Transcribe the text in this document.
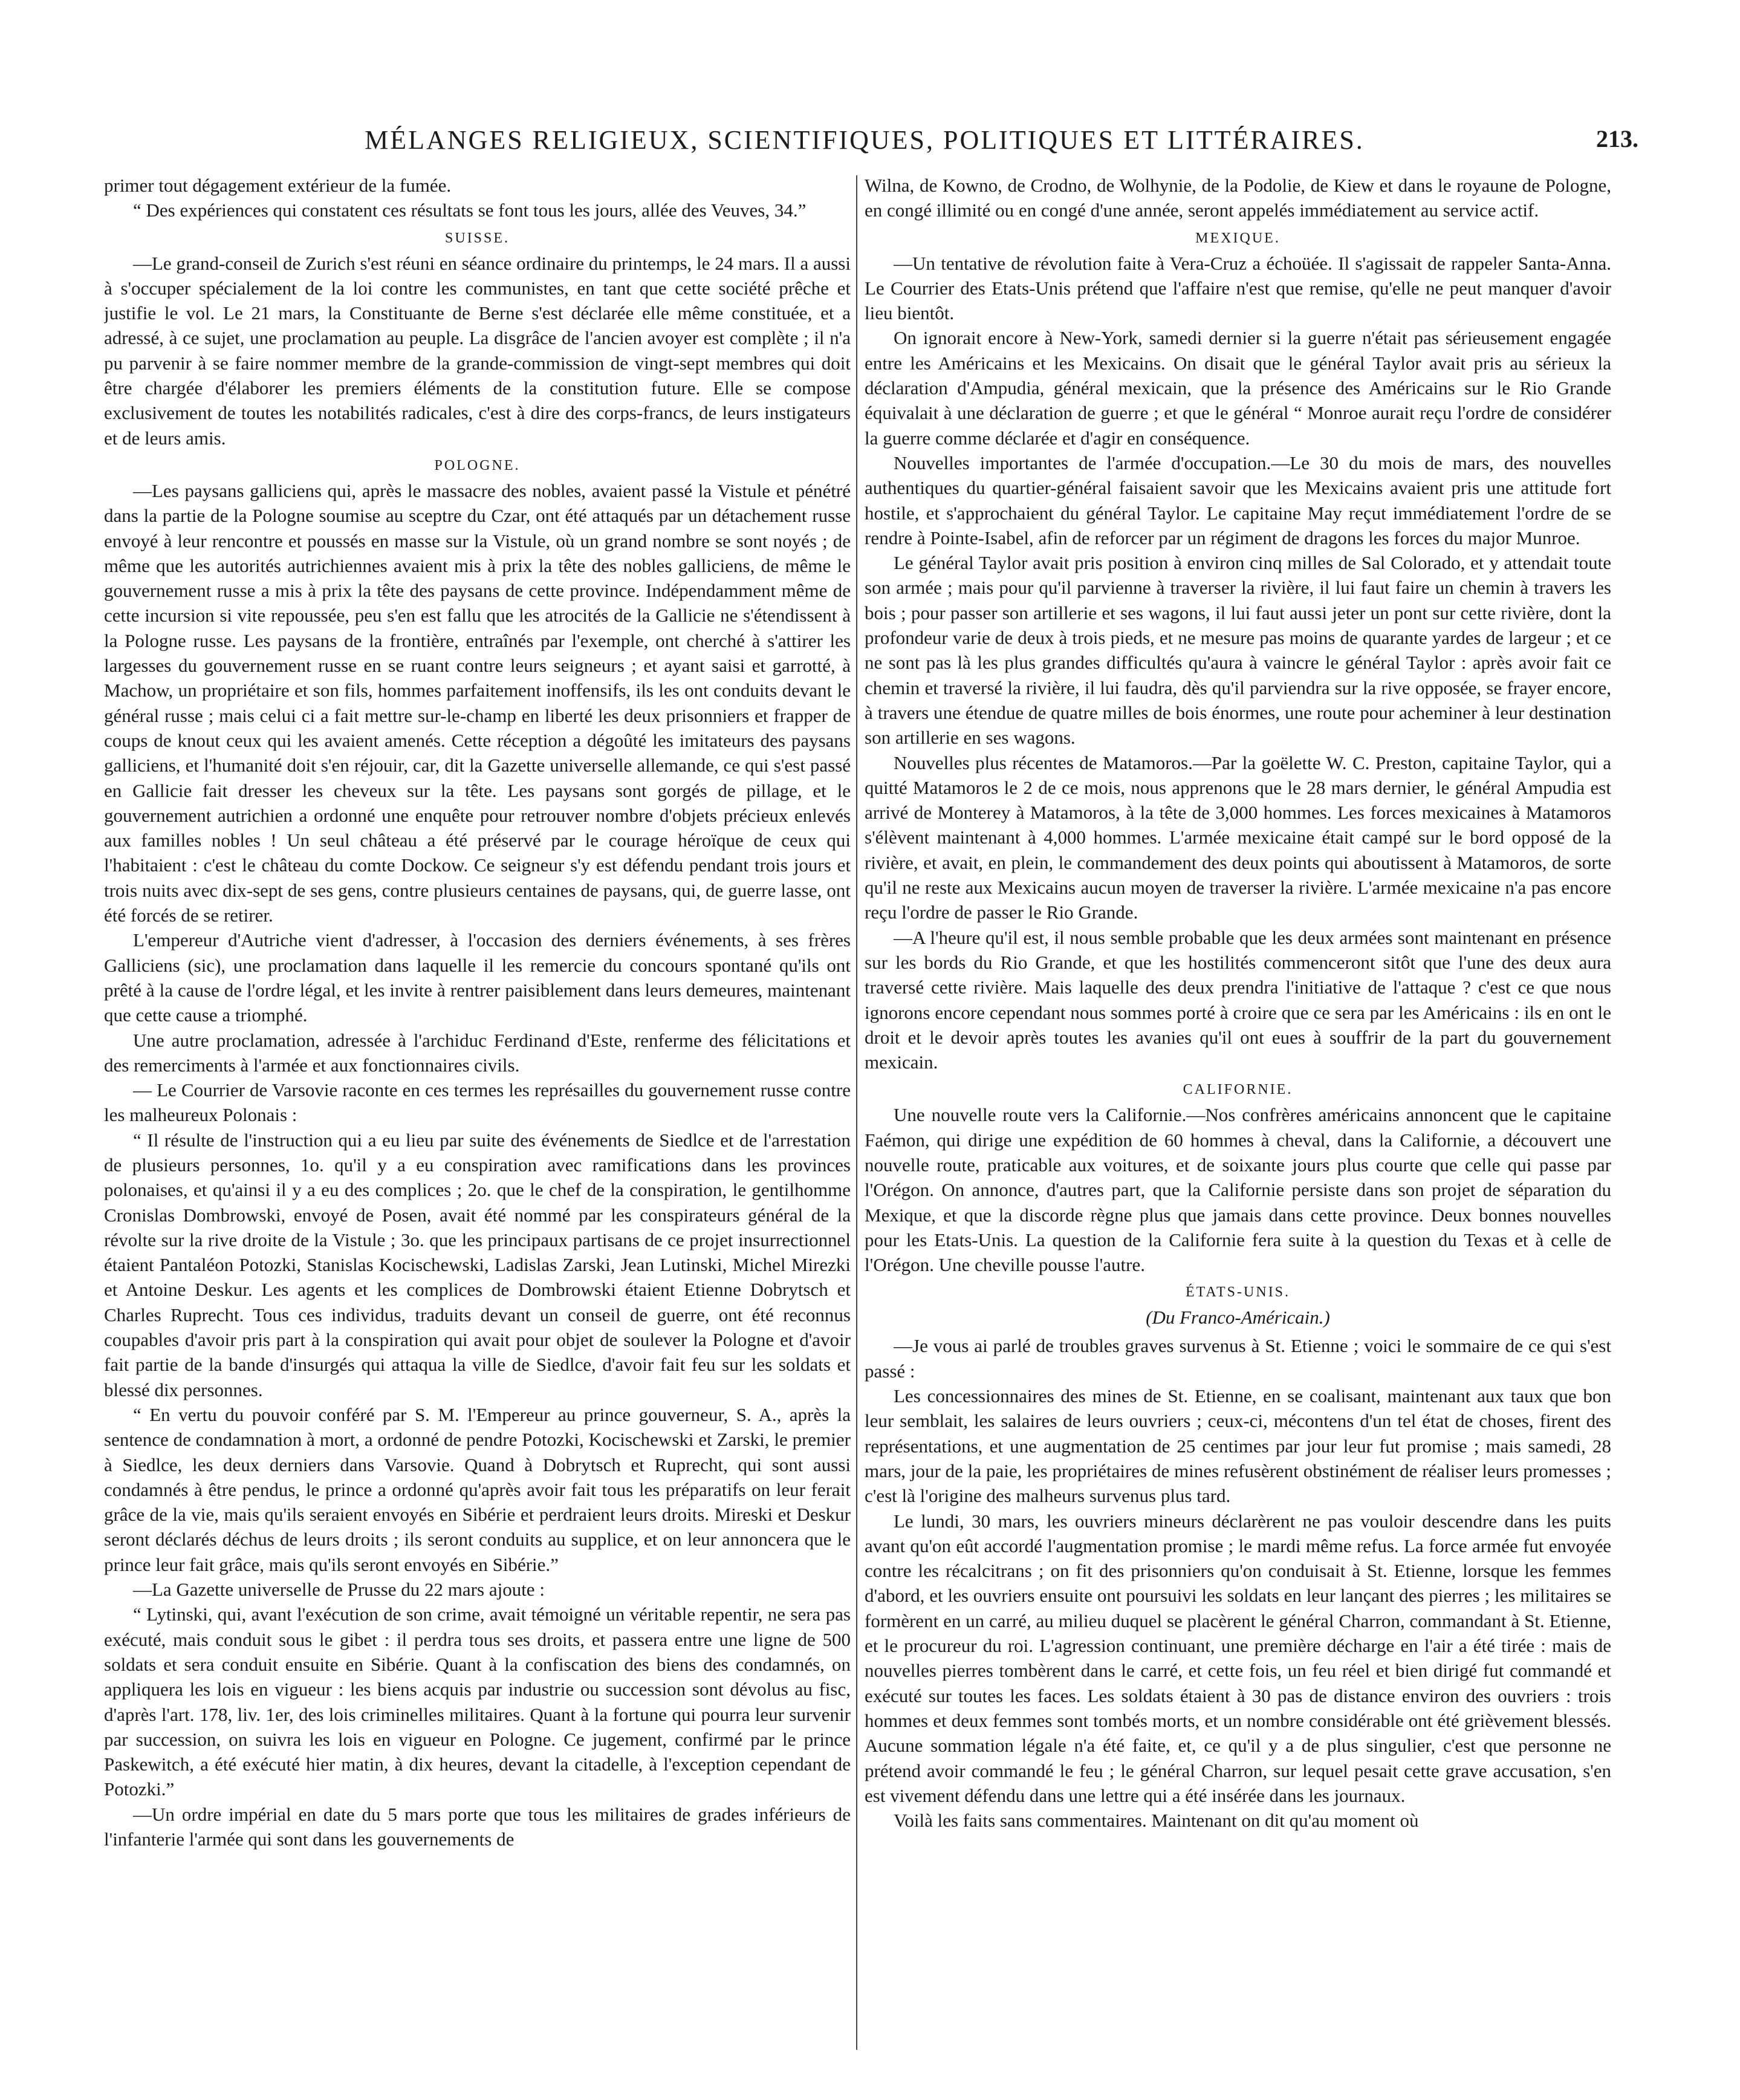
MÉLANGES RELIGIEUX, SCIENTIFIQUES, POLITIQUES ET LITTÉRAIRES.	213.

primer tout dégagement extérieur de la fumée.

“ Des expériences qui constatent ces résultats se font tous les jours, allée des Veuves, 34.”

SUISSE.

—Le grand-conseil de Zurich s'est réuni en séance ordinaire du printemps, le 24 mars. Il a aussi à s'occuper spécialement de la loi contre les communistes, en tant que cette société prêche et justifie le vol. Le 21 mars, la Constituante de Berne s'est déclarée elle même constituée, et a adressé, à ce sujet, une proclamation au peuple. La disgrâce de l'ancien avoyer est complète ; il n'a pu parvenir à se faire nommer membre de la grande-commission de vingt-sept membres qui doit être chargée d'élaborer les premiers éléments de la constitution future. Elle se compose exclusivement de toutes les notabilités radicales, c'est à dire des corps-francs, de leurs instigateurs et de leurs amis.

POLOGNE.

—Les paysans galliciens qui, après le massacre des nobles, avaient passé la Vistule et pénétré dans la partie de la Pologne soumise au sceptre du Czar, ont été attaqués par un détachement russe envoyé à leur rencontre et poussés en masse sur la Vistule, où un grand nombre se sont noyés ; de même que les autorités autrichiennes avaient mis à prix la tête des nobles galliciens, de même le gouvernement russe a mis à prix la tête des paysans de cette province. Indépendamment même de cette incursion si vite repoussée, peu s'en est fallu que les atrocités de la Gallicie ne s'étendissent à la Pologne russe. Les paysans de la frontière, entraînés par l'exemple, ont cherché à s'attirer les largesses du gouvernement russe en se ruant contre leurs seigneurs ; et ayant saisi et garrotté, à Machow, un propriétaire et son fils, hommes parfaitement inoffensifs, ils les ont conduits devant le général russe ; mais celui ci a fait mettre sur-le-champ en liberté les deux prisonniers et frapper de coups de knout ceux qui les avaient amenés. Cette réception a dégoûté les imitateurs des paysans galliciens, et l'humanité doit s'en réjouir, car, dit la Gazette universelle allemande, ce qui s'est passé en Gallicie fait dresser les cheveux sur la tête. Les paysans sont gorgés de pillage, et le gouvernement autrichien a ordonné une enquête pour retrouver nombre d'objets précieux enlevés aux familles nobles ! Un seul château a été préservé par le courage héroïque de ceux qui l'habitaient : c'est le château du comte Dockow. Ce seigneur s'y est défendu pendant trois jours et trois nuits avec dix-sept de ses gens, contre plusieurs centaines de paysans, qui, de guerre lasse, ont été forcés de se retirer.

L'empereur d'Autriche vient d'adresser, à l'occasion des derniers événements, à ses frères Galliciens (sic), une proclamation dans laquelle il les remercie du concours spontané qu'ils ont prêté à la cause de l'ordre légal, et les invite à rentrer paisiblement dans leurs demeures, maintenant que cette cause a triomphé.

Une autre proclamation, adressée à l'archiduc Ferdinand d'Este, renferme des félicitations et des remerciments à l'armée et aux fonctionnaires civils.

— Le Courrier de Varsovie raconte en ces termes les représailles du gouvernement russe contre les malheureux Polonais :

“ Il résulte de l'instruction qui a eu lieu par suite des événements de Siedlce et de l'arrestation de plusieurs personnes, 1o. qu'il y a eu conspiration avec ramifications dans les provinces polonaises, et qu'ainsi il y a eu des complices ; 2o. que le chef de la conspiration, le gentilhomme Cronislas Dombrowski, envoyé de Posen, avait été nommé par les conspirateurs général de la révolte sur la rive droite de la Vistule ; 3o. que les principaux partisans de ce projet insurrectionnel étaient Pantaléon Potozki, Stanislas Kocischewski, Ladislas Zarski, Jean Lutinski, Michel Mirezki et Antoine Deskur. Les agents et les complices de Dombrowski étaient Etienne Dobrytsch et Charles Ruprecht. Tous ces individus, traduits devant un conseil de guerre, ont été reconnus coupables d'avoir pris part à la conspiration qui avait pour objet de soulever la Pologne et d'avoir fait partie de la bande d'insurgés qui attaqua la ville de Siedlce, d'avoir fait feu sur les soldats et blessé dix personnes.

“ En vertu du pouvoir conféré par S. M. l'Empereur au prince gouverneur, S. A., après la sentence de condamnation à mort, a ordonné de pendre Potozki, Kocischewski et Zarski, le premier à Siedlce, les deux derniers dans Varsovie. Quand à Dobrytsch et Ruprecht, qui sont aussi condamnés à être pendus, le prince a ordonné qu'après avoir fait tous les préparatifs on leur ferait grâce de la vie, mais qu'ils seraient envoyés en Sibérie et perdraient leurs droits. Mireski et Deskur seront déclarés déchus de leurs droits ; ils seront conduits au supplice, et on leur annoncera que le prince leur fait grâce, mais qu'ils seront envoyés en Sibérie.”

—La Gazette universelle de Prusse du 22 mars ajoute :

“ Lytinski, qui, avant l'exécution de son crime, avait témoigné un véritable repentir, ne sera pas exécuté, mais conduit sous le gibet : il perdra tous ses droits, et passera entre une ligne de 500 soldats et sera conduit ensuite en Sibérie. Quant à la confiscation des biens des condamnés, on appliquera les lois en vigueur : les biens acquis par industrie ou succession sont dévolus au fisc, d'après l'art. 178, liv. 1er, des lois criminelles militaires. Quant à la fortune qui pourra leur survenir par succession, on suivra les lois en vigueur en Pologne. Ce jugement, confirmé par le prince Paskewitch, a été exécuté hier matin, à dix heures, devant la citadelle, à l'exception cependant de Potozki.”

—Un ordre impérial en date du 5 mars porte que tous les militaires de grades inférieurs de l'infanterie l'armée qui sont dans les gouvernements de

Wilna, de Kowno, de Crodno, de Wolhynie, de la Podolie, de Kiew et dans le royaune de Pologne, en congé illimité ou en congé d'une année, seront appelés immédiatement au service actif.

MEXIQUE.

—Un tentative de révolution faite à Vera-Cruz a échoüée. Il s'agissait de rappeler Santa-Anna. Le Courrier des Etats-Unis prétend que l'affaire n'est que remise, qu'elle ne peut manquer d'avoir lieu bientôt.

On ignorait encore à New-York, samedi dernier si la guerre n'était pas sérieusement engagée entre les Américains et les Mexicains. On disait que le général Taylor avait pris au sérieux la déclaration d'Ampudia, général mexicain, que la présence des Américains sur le Rio Grande équivalait à une déclaration de guerre ; et que le général “ Monroe aurait reçu l'ordre de considérer la guerre comme déclarée et d'agir en conséquence.

Nouvelles importantes de l'armée d'occupation.—Le 30 du mois de mars, des nouvelles authentiques du quartier-général faisaient savoir que les Mexicains avaient pris une attitude fort hostile, et s'approchaient du général Taylor. Le capitaine May reçut immédiatement l'ordre de se rendre à Pointe-Isabel, afin de reforcer par un régiment de dragons les forces du major Munroe.

Le général Taylor avait pris position à environ cinq milles de Sal Colorado, et y attendait toute son armée ; mais pour qu'il parvienne à traverser la rivière, il lui faut faire un chemin à travers les bois ; pour passer son artillerie et ses wagons, il lui faut aussi jeter un pont sur cette rivière, dont la profondeur varie de deux à trois pieds, et ne mesure pas moins de quarante yardes de largeur ; et ce ne sont pas là les plus grandes difficultés qu'aura à vaincre le général Taylor : après avoir fait ce chemin et traversé la rivière, il lui faudra, dès qu'il parviendra sur la rive opposée, se frayer encore, à travers une étendue de quatre milles de bois énormes, une route pour acheminer à leur destination son artillerie en ses wagons.

Nouvelles plus récentes de Matamoros.—Par la goëlette W. C. Preston, capitaine Taylor, qui a quitté Matamoros le 2 de ce mois, nous apprenons que le 28 mars dernier, le général Ampudia est arrivé de Monterey à Matamoros, à la tête de 3,000 hommes. Les forces mexicaines à Matamoros s'élèvent maintenant à 4,000 hommes. L'armée mexicaine était campé sur le bord opposé de la rivière, et avait, en plein, le commandement des deux points qui aboutissent à Matamoros, de sorte qu'il ne reste aux Mexicains aucun moyen de traverser la rivière. L'armée mexicaine n'a pas encore reçu l'ordre de passer le Rio Grande.

—A l'heure qu'il est, il nous semble probable que les deux armées sont maintenant en présence sur les bords du Rio Grande, et que les hostilités commenceront sitôt que l'une des deux aura traversé cette rivière. Mais laquelle des deux prendra l'initiative de l'attaque ? c'est ce que nous ignorons encore cependant nous sommes porté à croire que ce sera par les Américains : ils en ont le droit et le devoir après toutes les avanies qu'il ont eues à souffrir de la part du gouvernement mexicain.

CALIFORNIE.

Une nouvelle route vers la Californie.—Nos confrères américains annoncent que le capitaine Faémon, qui dirige une expédition de 60 hommes à cheval, dans la Californie, a découvert une nouvelle route, praticable aux voitures, et de soixante jours plus courte que celle qui passe par l'Orégon. On annonce, d'autres part, que la Californie persiste dans son projet de séparation du Mexique, et que la discorde règne plus que jamais dans cette province. Deux bonnes nouvelles pour les Etats-Unis. La question de la Californie fera suite à la question du Texas et à celle de l'Orégon. Une cheville pousse l'autre.

ÉTATS-UNIS.
(Du Franco-Américain.)

—Je vous ai parlé de troubles graves survenus à St. Etienne ; voici le sommaire de ce qui s'est passé :

Les concessionnaires des mines de St. Etienne, en se coalisant, maintenant aux taux que bon leur semblait, les salaires de leurs ouvriers ; ceux-ci, mécontens d'un tel état de choses, firent des représentations, et une augmentation de 25 centimes par jour leur fut promise ; mais samedi, 28 mars, jour de la paie, les propriétaires de mines refusèrent obstinément de réaliser leurs promesses ; c'est là l'origine des malheurs survenus plus tard.

Le lundi, 30 mars, les ouvriers mineurs déclarèrent ne pas vouloir descendre dans les puits avant qu'on eût accordé l'augmentation promise ; le mardi même refus. La force armée fut envoyée contre les récalcitrans ; on fit des prisonniers qu'on conduisait à St. Etienne, lorsque les femmes d'abord, et les ouvriers ensuite ont poursuivi les soldats en leur lançant des pierres ; les militaires se formèrent en un carré, au milieu duquel se placèrent le général Charron, commandant à St. Etienne, et le procureur du roi. L'agression continuant, une première décharge en l'air a été tirée : mais de nouvelles pierres tombèrent dans le carré, et cette fois, un feu réel et bien dirigé fut commandé et exécuté sur toutes les faces. Les soldats étaient à 30 pas de distance environ des ouvriers : trois hommes et deux femmes sont tombés morts, et un nombre considérable ont été grièvement blessés. Aucune sommation légale n'a été faite, et, ce qu'il y a de plus singulier, c'est que personne ne prétend avoir commandé le feu ; le général Charron, sur lequel pesait cette grave accusation, s'en est vivement défendu dans une lettre qui a été insérée dans les journaux.

Voilà les faits sans commentaires. Maintenant on dit qu'au moment où
